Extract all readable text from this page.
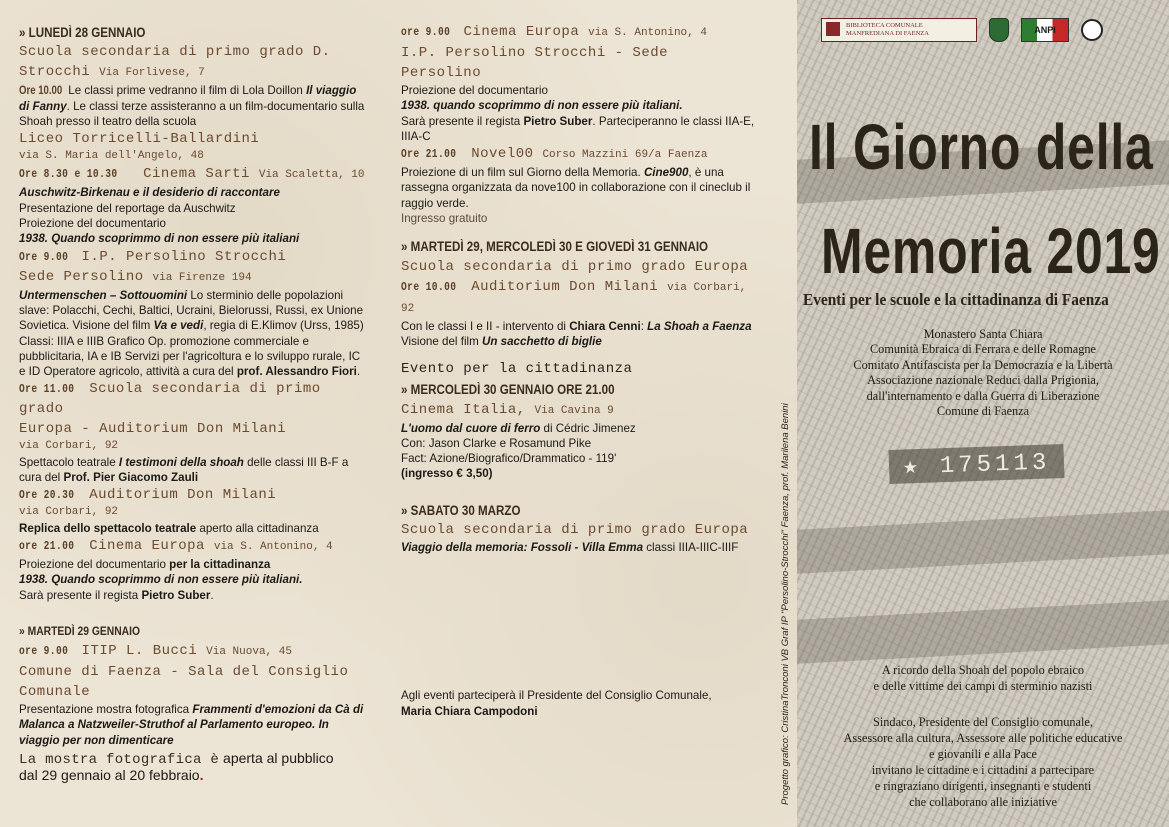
» LUNEDÌ 28 GENNAIO
Scuola secondaria di primo grado D.
Strocchi Via Forlivese, 7
Ore 10.00 Le classi prime vedranno il film di Lola Doillon Il viaggio di Fanny. Le classi terze assisteranno a un film-documentario sulla Shoah presso il teatro della scuola
Liceo Torricelli-Ballardini
via S. Maria dell'Angelo, 48
Ore 8.30 e 10.30 Cinema Sarti Via Scaletta, 10
Auschwitz-Birkenau e il desiderio di raccontare
Presentazione del reportage da Auschwitz
Proiezione del documentario
1938. Quando scoprimmo di non essere più italiani
Ore 9.00 I.P. Persolino Strocchi
Sede Persolino via Firenze 194
Untermenschen – Sottouomini Lo sterminio delle popolazioni slave: Polacchi, Cechi, Baltici, Ucraini, Bielorussi, Russi, ex Unione Sovietica. Visione del film Va e vedi, regia di E.Klimov (Urss, 1985)
Classi: IIIA e IIIB Grafico Op. promozione commerciale e pubblicitaria, IA e IB Servizi per l'agricoltura e lo sviluppo rurale, IC e ID Operatore agricolo, attività a cura del prof. Alessandro Fiori.
Ore 11.00 Scuola secondaria di primo grado
Europa - Auditorium Don Milani
via Corbari, 92
Spettacolo teatrale I testimoni della shoah delle classi III B-F a cura del Prof. Pier Giacomo Zauli
Ore 20.30 Auditorium Don Milani
via Corbari, 92
Replica dello spettacolo teatrale aperto alla cittadinanza
ore 21.00 Cinema Europa via S. Antonino, 4
Proiezione del documentario per la cittadinanza
1938. Quando scoprimmo di non essere più italiani.
Sarà presente il regista Pietro Suber.
» MARTEDÌ 29 GENNAIO
ore 9.00 ITIP L. Bucci Via Nuova, 45
Comune di Faenza - Sala del Consiglio
Comunale
Presentazione mostra fotografica Frammenti d'emozioni da Cà di Malanca a Natzweiler-Struthof al Parlamento europeo. In viaggio per non dimenticare
La mostra fotografica è aperta al pubblico
dal 29 gennaio al 20 febbraio.
ore 9.00 Cinema Europa via S. Antonino, 4
I.P. Persolino Strocchi - Sede
Persolino
Proiezione del documentario
1938. quando scoprimmo di non essere più italiani.
Sarà presente il regista Pietro Suber. Parteciperanno le classi IIA-E, IIIA-C
Ore 21.00 Novel00 Corso Mazzini 69/a Faenza
Proiezione di un film sul Giorno della Memoria. Cine900, è una rassegna organizzata da nove100 in collaborazione con il cineclub il raggio verde.
Ingresso gratuito
» MARTEDÌ 29, MERCOLEDÌ 30 E GIOVEDÌ 31 GENNAIO
Scuola secondaria di primo grado Europa
Ore 10.00 Auditorium Don Milani via Corbari, 92
Con le classi I e II - intervento di Chiara Cenni: La Shoah a Faenza
Visione del film Un sacchetto di biglie
Evento per la cittadinanza
» MERCOLEDÌ 30 GENNAIO ORE 21.00
Cinema Italia, Via Cavina 9
L'uomo dal cuore di ferro di Cédric Jimenez
Con: Jason Clarke e Rosamund Pike
Fact: Azione/Biografico/Drammatico - 119'
(ingresso € 3,50)
» SABATO 30 MARZO
Scuola secondaria di primo grado Europa
Viaggio della memoria: Fossoli - Villa Emma classi IIIA-IIIC-IIIF
Agli eventi parteciperà il Presidente del Consiglio Comunale,
Maria Chiara Campodoni	Progetto grafico: CristinaTronconi VB Graf IP "Persolino-Strocchi" Faenza, prof. Marilena Benini
BIBLIOTECA COMUNALE
MANFREDIANA DI FAENZA	ANPI
Il Giorno della
Memoria 2019
Eventi per le scuole e la cittadinanza di Faenza
Monastero Santa Chiara
Comunità Ebraica di Ferrara e delle Romagne
Comitato Antifascista per la Democrazia e la Libertà
Associazione nazionale Reduci dalla Prigionia,
dall'internamento e dalla Guerra di Liberazione
Comune di Faenza
★ 175113
A ricordo della Shoah del popolo ebraico
e delle vittime dei campi di sterminio nazisti
Sindaco, Presidente del Consiglio comunale,
Assessore alla cultura, Assessore alle politiche educative
e giovanili e alla Pace
invitano le cittadine e i cittadini a partecipare
e ringraziano dirigenti, insegnanti e studenti
che collaborano alle iniziative
